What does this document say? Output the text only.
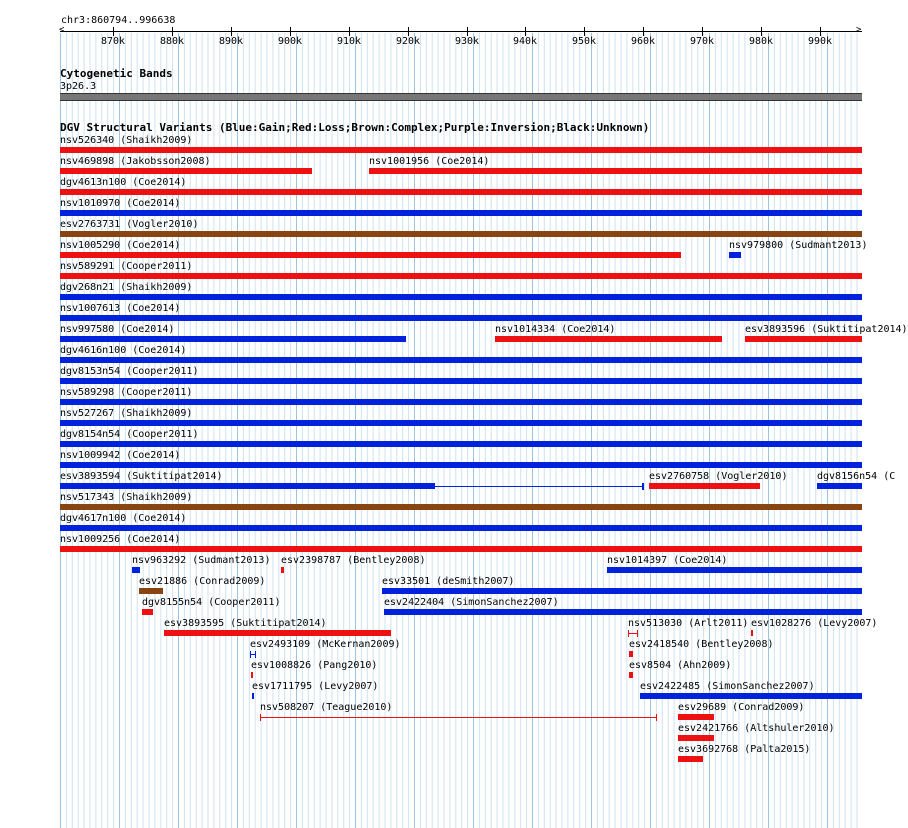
chr3:860794..996638
<	>
870k	880k	890k	900k	910k	920k	930k	940k	950k	960k	970k	980k	990k
Cytogenetic Bands
3p26.3
DGV Structural Variants (Blue:Gain;Red:Loss;Brown:Complex;Purple:Inversion;Black:Unknown)
nsv526340 (Shaikh2009)
nsv469898 (Jakobsson2008)	nsv1001956 (Coe2014)
dgv4613n100 (Coe2014)
nsv1010970 (Coe2014)
esv2763731 (Vogler2010)
nsv1005290 (Coe2014)	nsv979800 (Sudmant2013)
nsv589291 (Cooper2011)
dgv268n21 (Shaikh2009)
nsv1007613 (Coe2014)
nsv997580 (Coe2014)	nsv1014334 (Coe2014)	esv3893596 (Suktitipat2014)
dgv4616n100 (Coe2014)
dgv8153n54 (Cooper2011)
nsv589298 (Cooper2011)
nsv527267 (Shaikh2009)
dgv8154n54 (Cooper2011)
nsv1009942 (Coe2014)
esv3893594 (Suktitipat2014)	esv2760758 (Vogler2010)	dgv8156n54 (C
nsv517343 (Shaikh2009)
dgv4617n100 (Coe2014)
nsv1009256 (Coe2014)
nsv963292 (Sudmant2013) esv2398787 (Bentley2008)	nsv1014397 (Coe2014)
esv21886 (Conrad2009)	esv33501 (deSmith2007)
dgv8155n54 (Cooper2011)	esv2422404 (SimonSanchez2007)
esv3893595 (Suktitipat2014)	nsv513030 (Arlt2011) esv1028276 (Levy2007)
esv2493109 (McKernan2009)	esv2418540 (Bentley2008)
esv1008826 (Pang2010)	esv8504 (Ahn2009)
esv1711795 (Levy2007)	esv2422485 (SimonSanchez2007)
nsv508207 (Teague2010)	esv29689 (Conrad2009)
esv2421766 (Altshuler2010)
esv3692768 (Palta2015)
